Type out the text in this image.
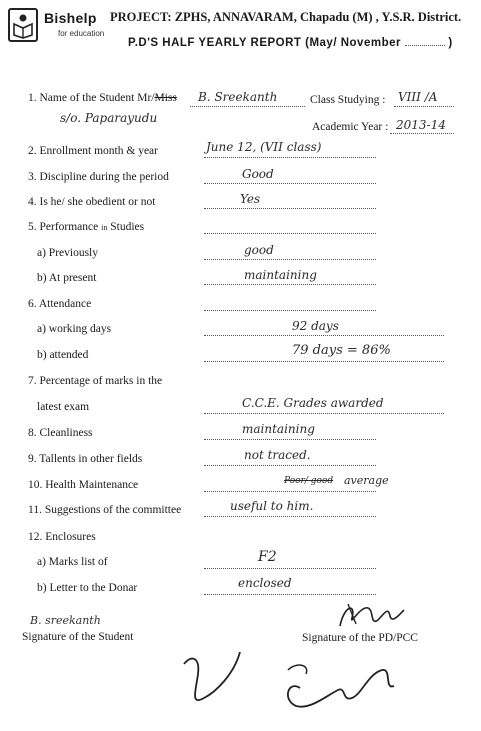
Bishelp
for education
PROJECT: ZPHS, ANNAVARAM, Chapadu (M) , Y.S.R. District.
P.D'S HALF YEARLY REPORT (May/ November	)
1. Name of the Student Mr/Miss B. Sreekanth	Class Studying : VIII /A
s/o. Paparayudu
Academic Year : 2013-14
2. Enrollment month & year	June 12, (VII class)
3. Discipline during the period	Good
4. Is he/ she obedient or not	Yes
5. Performance in Studies
a) Previously	good
b) At present	maintaining
6. Attendance
a) working days	92 days
b) attended	79 days = 86%
7. Percentage of marks in the
latest exam	C.C.E. Grades awarded
8. Cleanliness	maintaining
9. Tallents in other fields	not traced.
10. Health Maintenance	Poor/ good average
11. Suggestions of the committee	useful to him.
12. Enclosures
a) Marks list of	F2
b) Letter to the Donar	enclosed
B. sreekanth
Signature of the Student	Signature of the PD/PCC
